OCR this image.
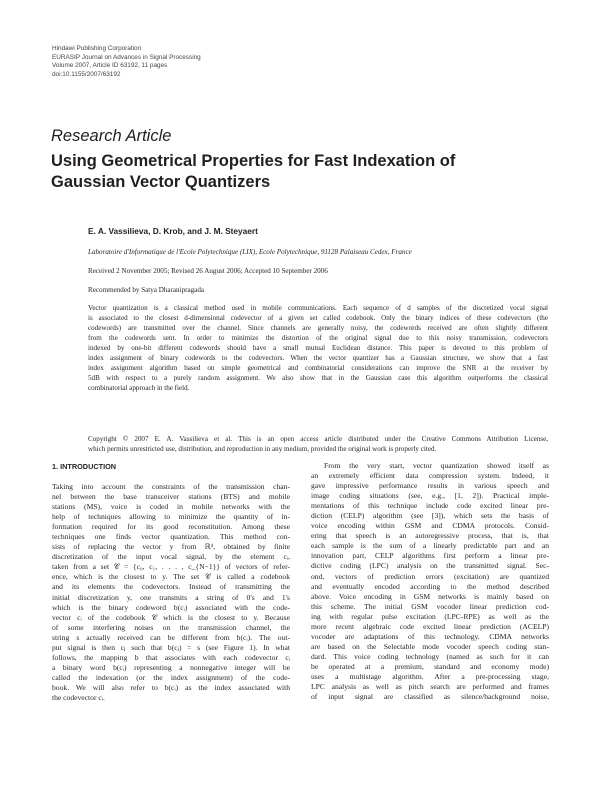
Hindawi Publishing Corporation
EURASIP Journal on Advances in Signal Processing
Volume 2007, Article ID 63192, 11 pages
doi:10.1155/2007/63192
Research Article
Using Geometrical Properties for Fast Indexation of
Gaussian Vector Quantizers
E. A. Vassilieva, D. Krob, and J. M. Steyaert
Laboratoire d'Informatique de l'Ecole Polytechnique (LIX), Ecole Polytechnique, 91128 Palaiseau Cedex, France
Received 2 November 2005; Revised 26 August 2006; Accepted 10 September 2006
Recommended by Satya Dharanipragada
Vector quantization is a classical method used in mobile communications. Each sequence of d samples of the discretized vocal signal
is associated to the closest d-dimensional codevector of a given set called codebook. Only the binary indices of these codevectors (the
codewords) are transmitted over the channel. Since channels are generally noisy, the codewords received are often slightly different
from the codewords sent. In order to minimize the distortion of the original signal due to this noisy transmission, codevectors
indexed by one-bit different codewords should have a small mutual Euclidean distance. This paper is devoted to this problem of
index assignment of binary codewords to the codevectors. When the vector quantizer has a Gaussian structure, we show that a fast
index assignment algorithm based on simple geometrical and combinatorial considerations can improve the SNR at the receiver by
5dB with respect to a purely random assignment. We also show that in the Gaussian case this algorithm outperforms the classical
combinatorial approach in the field.
Copyright © 2007 E. A. Vassilieva et al. This is an open access article distributed under the Creative Commons Attribution License,
which permits unrestricted use, distribution, and reproduction in any medium, provided the original work is properly cited.
1. INTRODUCTION
Taking into account the constraints of the transmission chan-
nel between the base transceiver stations (BTS) and mobile
stations (MS), voice is coded in mobile networks with the
help of techniques allowing to minimize the quantity of in-
formation required for its good reconstitution. Among these
techniques one finds vector quantization. This method con-
sists of replacing the vector y from ℝᵈ, obtained by finite
discretization of the input vocal signal, by the element cᵢ,
taken from a set 𝒞 = {c₀, c₁, . . . , c_{N−1}} of vectors of refer-
ence, which is the closest to y. The set 𝒞 is called a codebook
and its elements the codevectors. Instead of transmitting the
initial discretization y, one transmits a string of 0's and 1's
which is the binary codeword b(cᵢ) associated with the code-
vector cᵢ of the codebook 𝒞 which is the closest to y. Because
of some interfering noises on the transmission channel, the
string s actually received can be different from b(cᵢ). The out-
put signal is then cⱼ such that b(cⱼ) = s (see Figure 1). In what
follows, the mapping b that associates with each codevector cᵢ
a binary word b(cᵢ) representing a nonnegative integer will be
called the indexation (or the index assignment) of the code-
book. We will also refer to b(cᵢ) as the index associated with
the codevector cᵢ.
From the very start, vector quantization showed itself as
an extremely efficient data compression system. Indeed, it
gave impressive performance results in various speech and
image coding situations (see, e.g., [1, 2]). Practical imple-
mentations of this technique include code excited linear pre-
diction (CELP) algorithm (see [3]), which sets the basis of
voice encoding within GSM and CDMA protocols. Consid-
ering that speech is an autoregressive process, that is, that
each sample is the sum of a linearly predictable part and an
innovation part, CELP algorithms first perform a linear pre-
dictive coding (LPC) analysis on the transmitted signal. Sec-
ond, vectors of prediction errors (excitation) are quantized
and eventually encoded according to the method described
above. Voice encoding in GSM networks is mainly based on
this scheme. The initial GSM vocoder linear prediction cod-
ing with regular pulse excitation (LPC-RPE) as well as the
more recent algebraic code excited linear prediction (ACELP)
vocoder are adaptations of this technology. CDMA networks
are based on the Selectable mode vocoder speech coding stan-
dard. This voice coding technology (named as such for it can
be operated at a premium, standard and economy mode)
uses a multistage algorithm. After a pre-processing stage,
LPC analysis as well as pitch search are performed and frames
of input signal are classified as silence/background noise,
